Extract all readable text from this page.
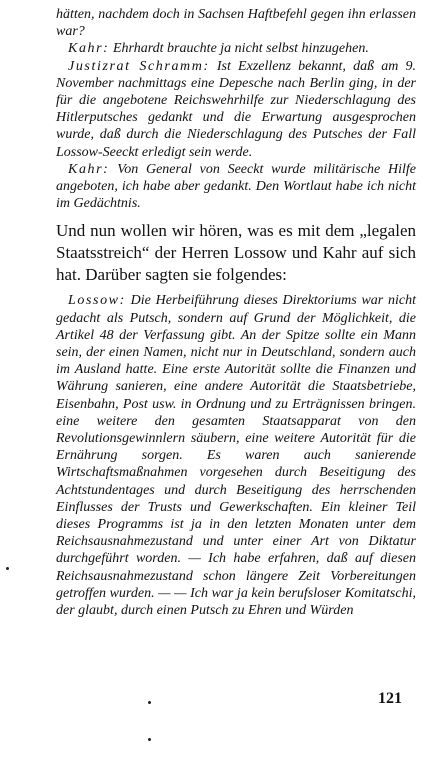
hätten, nachdem doch in Sachsen Haftbefehl gegen ihn erlassen war?

Kahr: Ehrhardt brauchte ja nicht selbst hinzugehen.

Justizrat Schramm: Ist Exzellenz bekannt, daß am 9. November nachmittags eine Depesche nach Berlin ging, in der für die angebotene Reichswehrhilfe zur Niederschlagung des Hitlerputsches gedankt und die Erwartung ausgesprochen wurde, daß durch die Niederschlagung des Putsches der Fall Lossow-Seeckt erledigt sein werde.

Kahr: Von General von Seeckt wurde militärische Hilfe angeboten, ich habe aber gedankt. Den Wortlaut habe ich nicht im Gedächtnis.

Und nun wollen wir hören, was es mit dem „legalen Staatsstreich“ der Herren Lossow und Kahr auf sich hat. Darüber sagten sie folgendes:

Lossow: Die Herbeiführung dieses Direktoriums war nicht gedacht als Putsch, sondern auf Grund der Möglichkeit, die Artikel 48 der Verfassung gibt. An der Spitze sollte ein Mann sein, der einen Namen, nicht nur in Deutschland, sondern auch im Ausland hatte. Eine erste Autorität sollte die Finanzen und Währung sanieren, eine andere Autorität die Staatsbetriebe, Eisenbahn, Post usw. in Ordnung und zu Erträgnissen bringen. eine weitere den gesamten Staatsapparat von den Revolutionsgewinnlern säubern, eine weitere Autorität für die Ernährung sorgen. Es waren auch sanierende Wirtschaftsmaßnahmen vorgesehen durch Beseitigung des Achtstundentages und durch Beseitigung des herrschenden Einflusses der Trusts und Gewerkschaften. Ein kleiner Teil dieses Programms ist ja in den letzten Monaten unter dem Reichsausnahmezustand und unter einer Art von Diktatur durchgeführt worden. — Ich habe erfahren, daß auf diesen Reichsausnahmezustand schon längere Zeit Vorbereitungen getroffen wurden. — — Ich war ja kein berufsloser Komitatschi, der glaubt, durch einen Putsch zu Ehren und Würden

121
